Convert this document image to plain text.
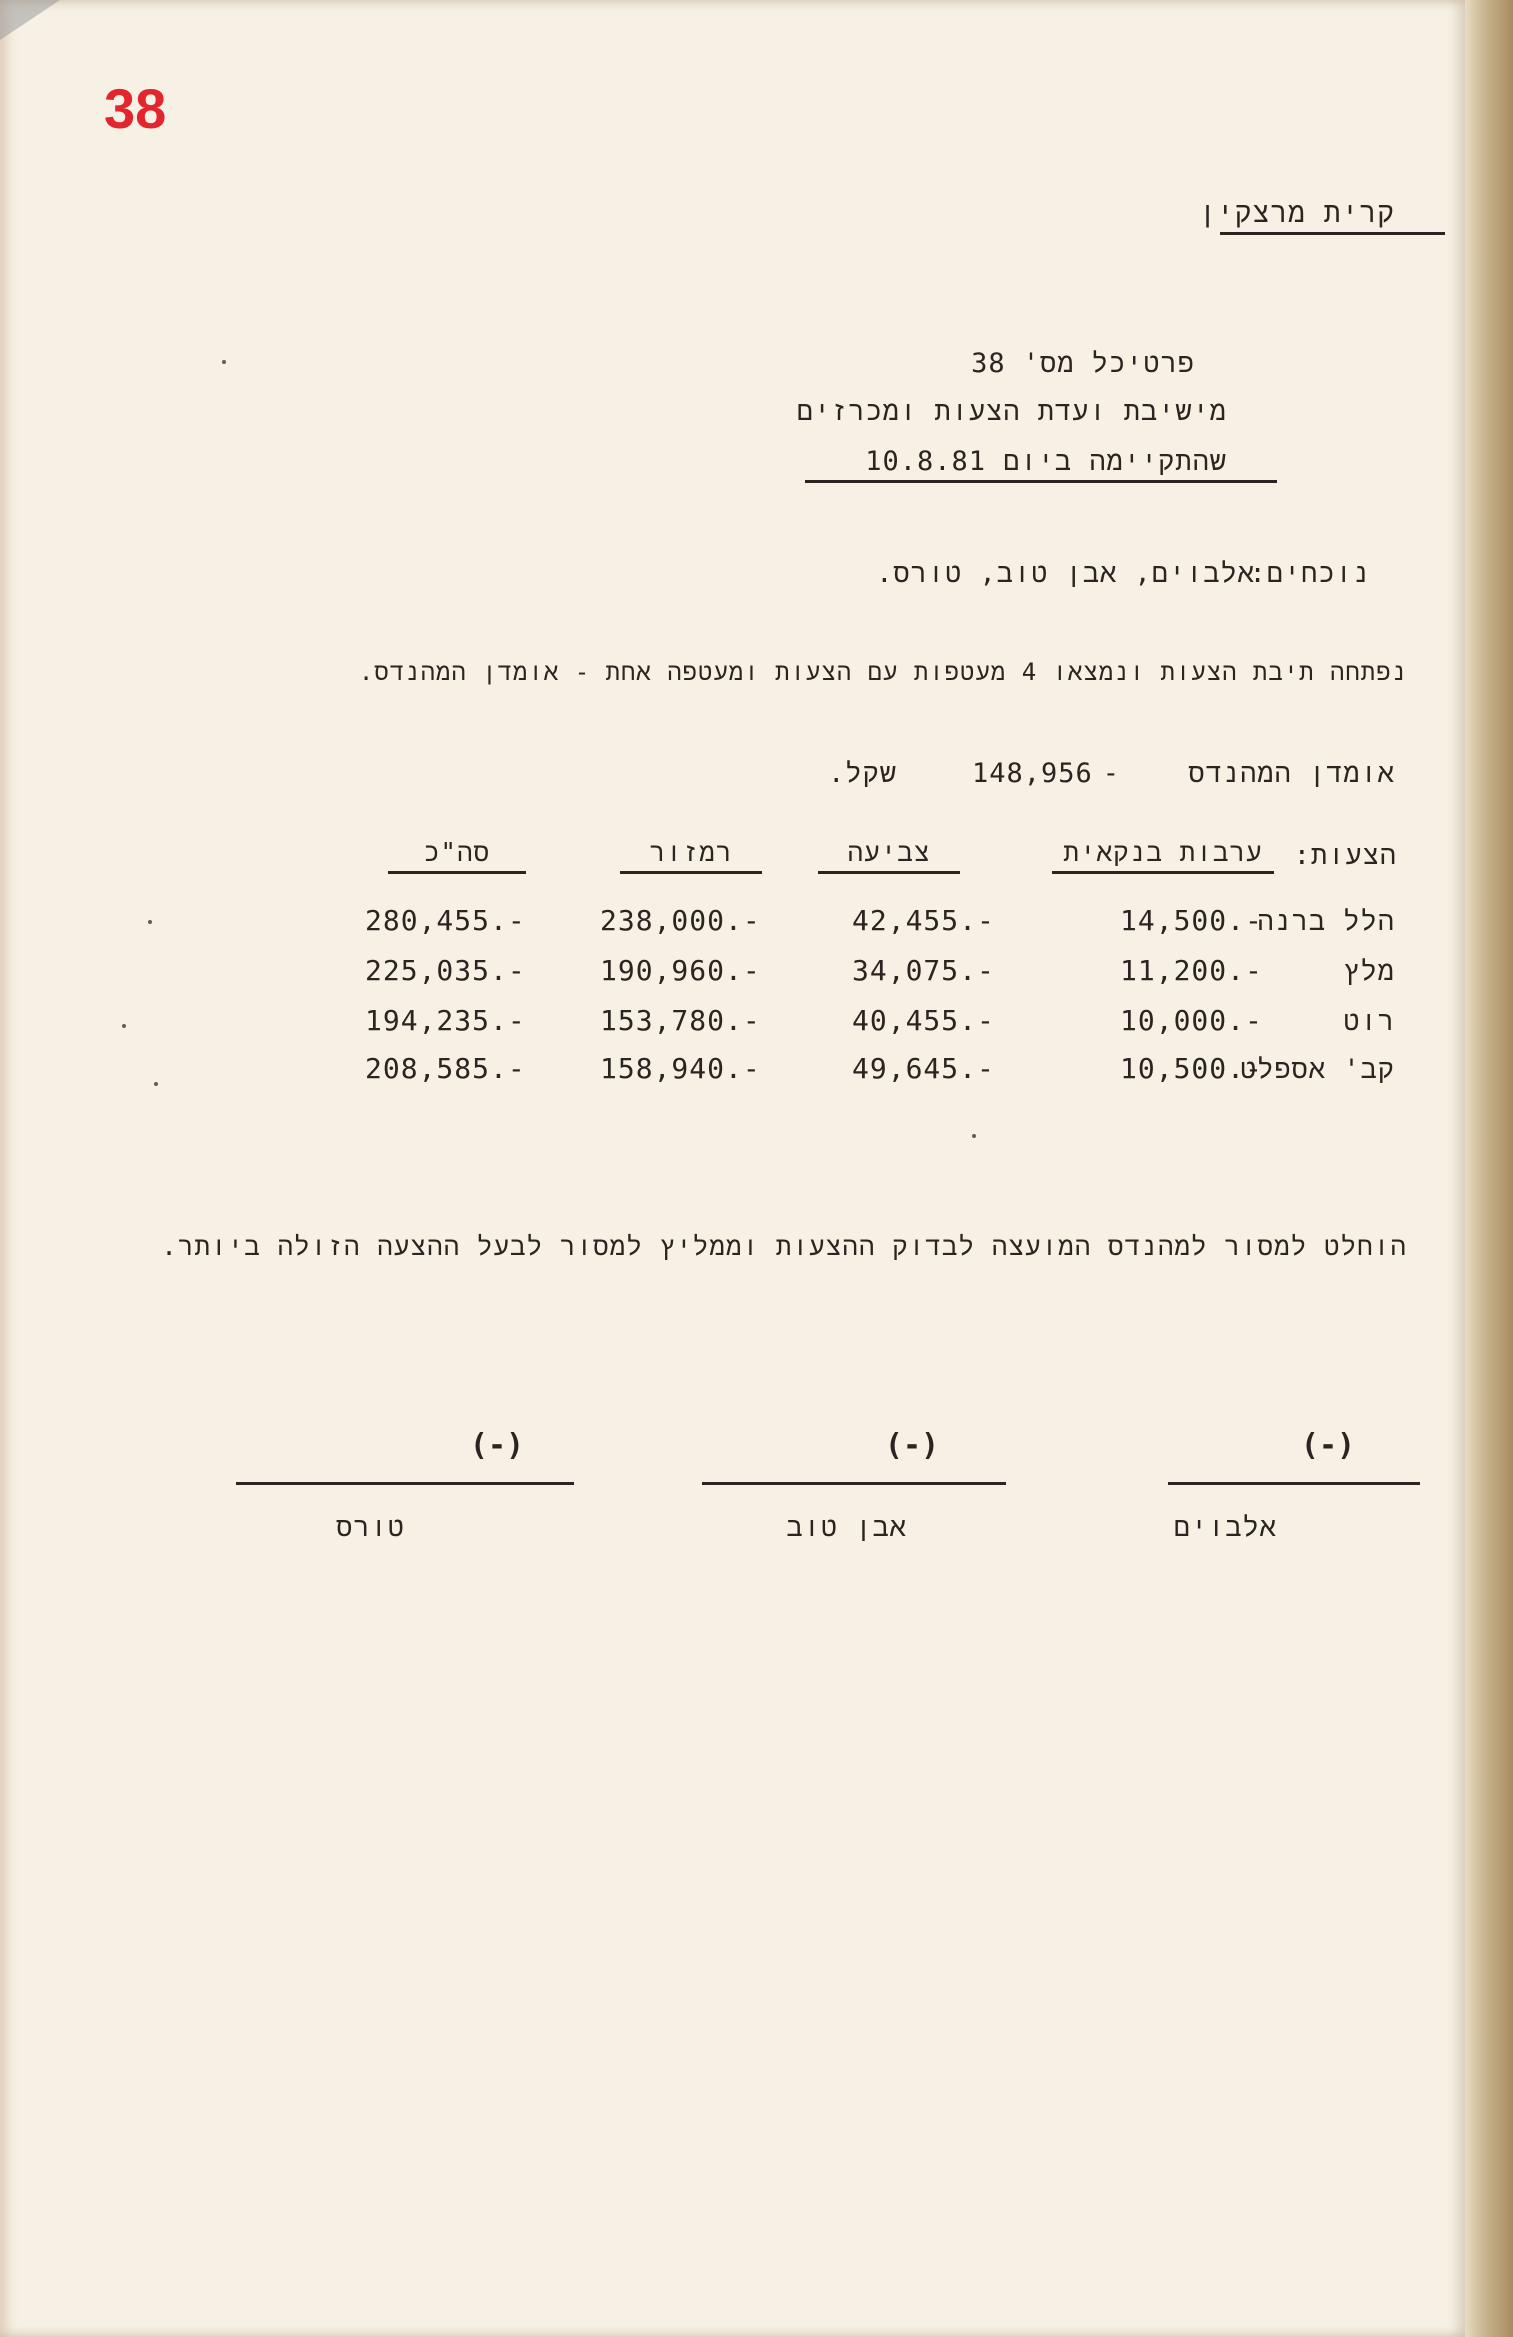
38
קרית מרצקין
פרטיכל מס' 38
מישיבת ועדת הצעות ומכרזים
שהתקיימה ביום 10.8.81
נוכחים:
אלבוים, אבן טוב, טורס.
נפתחה תיבת הצעות ונמצאו 4 מעטפות עם הצעות ומעטפה אחת - אומדן המהנדס.
אומדן המהנדס
-
148,956
שקל.
הצעות:
ערבות בנקאית
צביעה
רמזור
סה"כ
הלל ברנה
14,500.-
42,455.-
238,000.-
280,455.-
מלץ
11,200.-
34,075.-
190,960.-
225,035.-
רוט
10,000.-
40,455.-
153,780.-
194,235.-
קב' אספלט
10,500.-
49,645.-
158,940.-
208,585.-
הוחלט למסור למהנדס המועצה לבדוק ההצעות וממליץ למסור לבעל ההצעה הזולה ביותר.
(-)
(-)
(-)
אלבוים
אבן טוב
טורס
